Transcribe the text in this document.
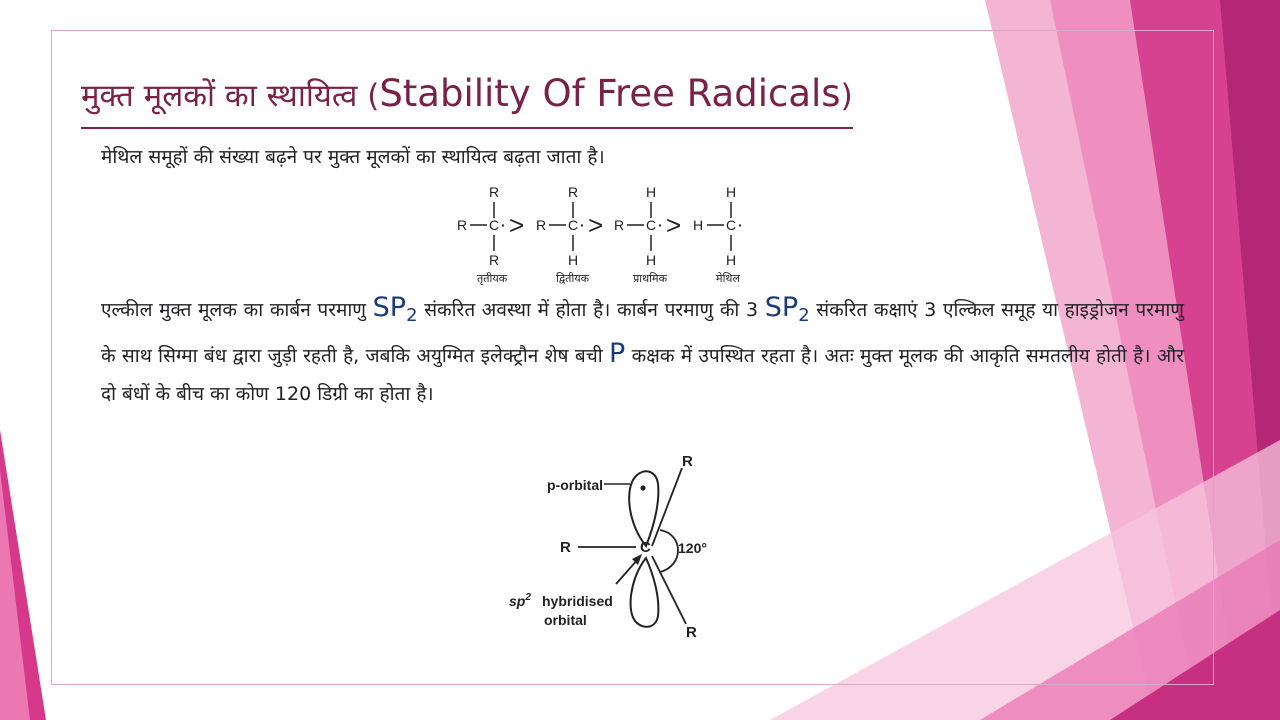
मुक्त मूलकों का स्थायित्व (Stability Of Free Radicals)
मेथिल समूहों की संख्या बढ़ने पर मुक्त मूलकों का स्थायित्व बढ़ता जाता है।
R
R C ·
R
तृतीयक
>
R
R C ·
H
द्वितीयक
>
H
R C ·
H
प्राथमिक
>
H
H C ·
H
मेथिल
एल्कील मुक्त मूलक का कार्बन परमाणु $SP_2$ संकरित अवस्था में होता है। कार्बन परमाणु की 3 $SP_2$ संकरित कक्षाएं 3 एल्किल समूह या हाइड्रोजन परमाणु के साथ सिग्मा बंध द्वारा जुड़ी रहती है, जबकि अयुग्मित इलेक्ट्रौन शेष बची P कक्षक में उपस्थित रहता है। अतः मुक्त मूलक की आकृति समतलीय होती है। और दो बंधों के बीच का कोण 120 डिग्री का होता है।
p-orbital
R
R	C 120°
R
$sp^2$ hybridised
orbital
